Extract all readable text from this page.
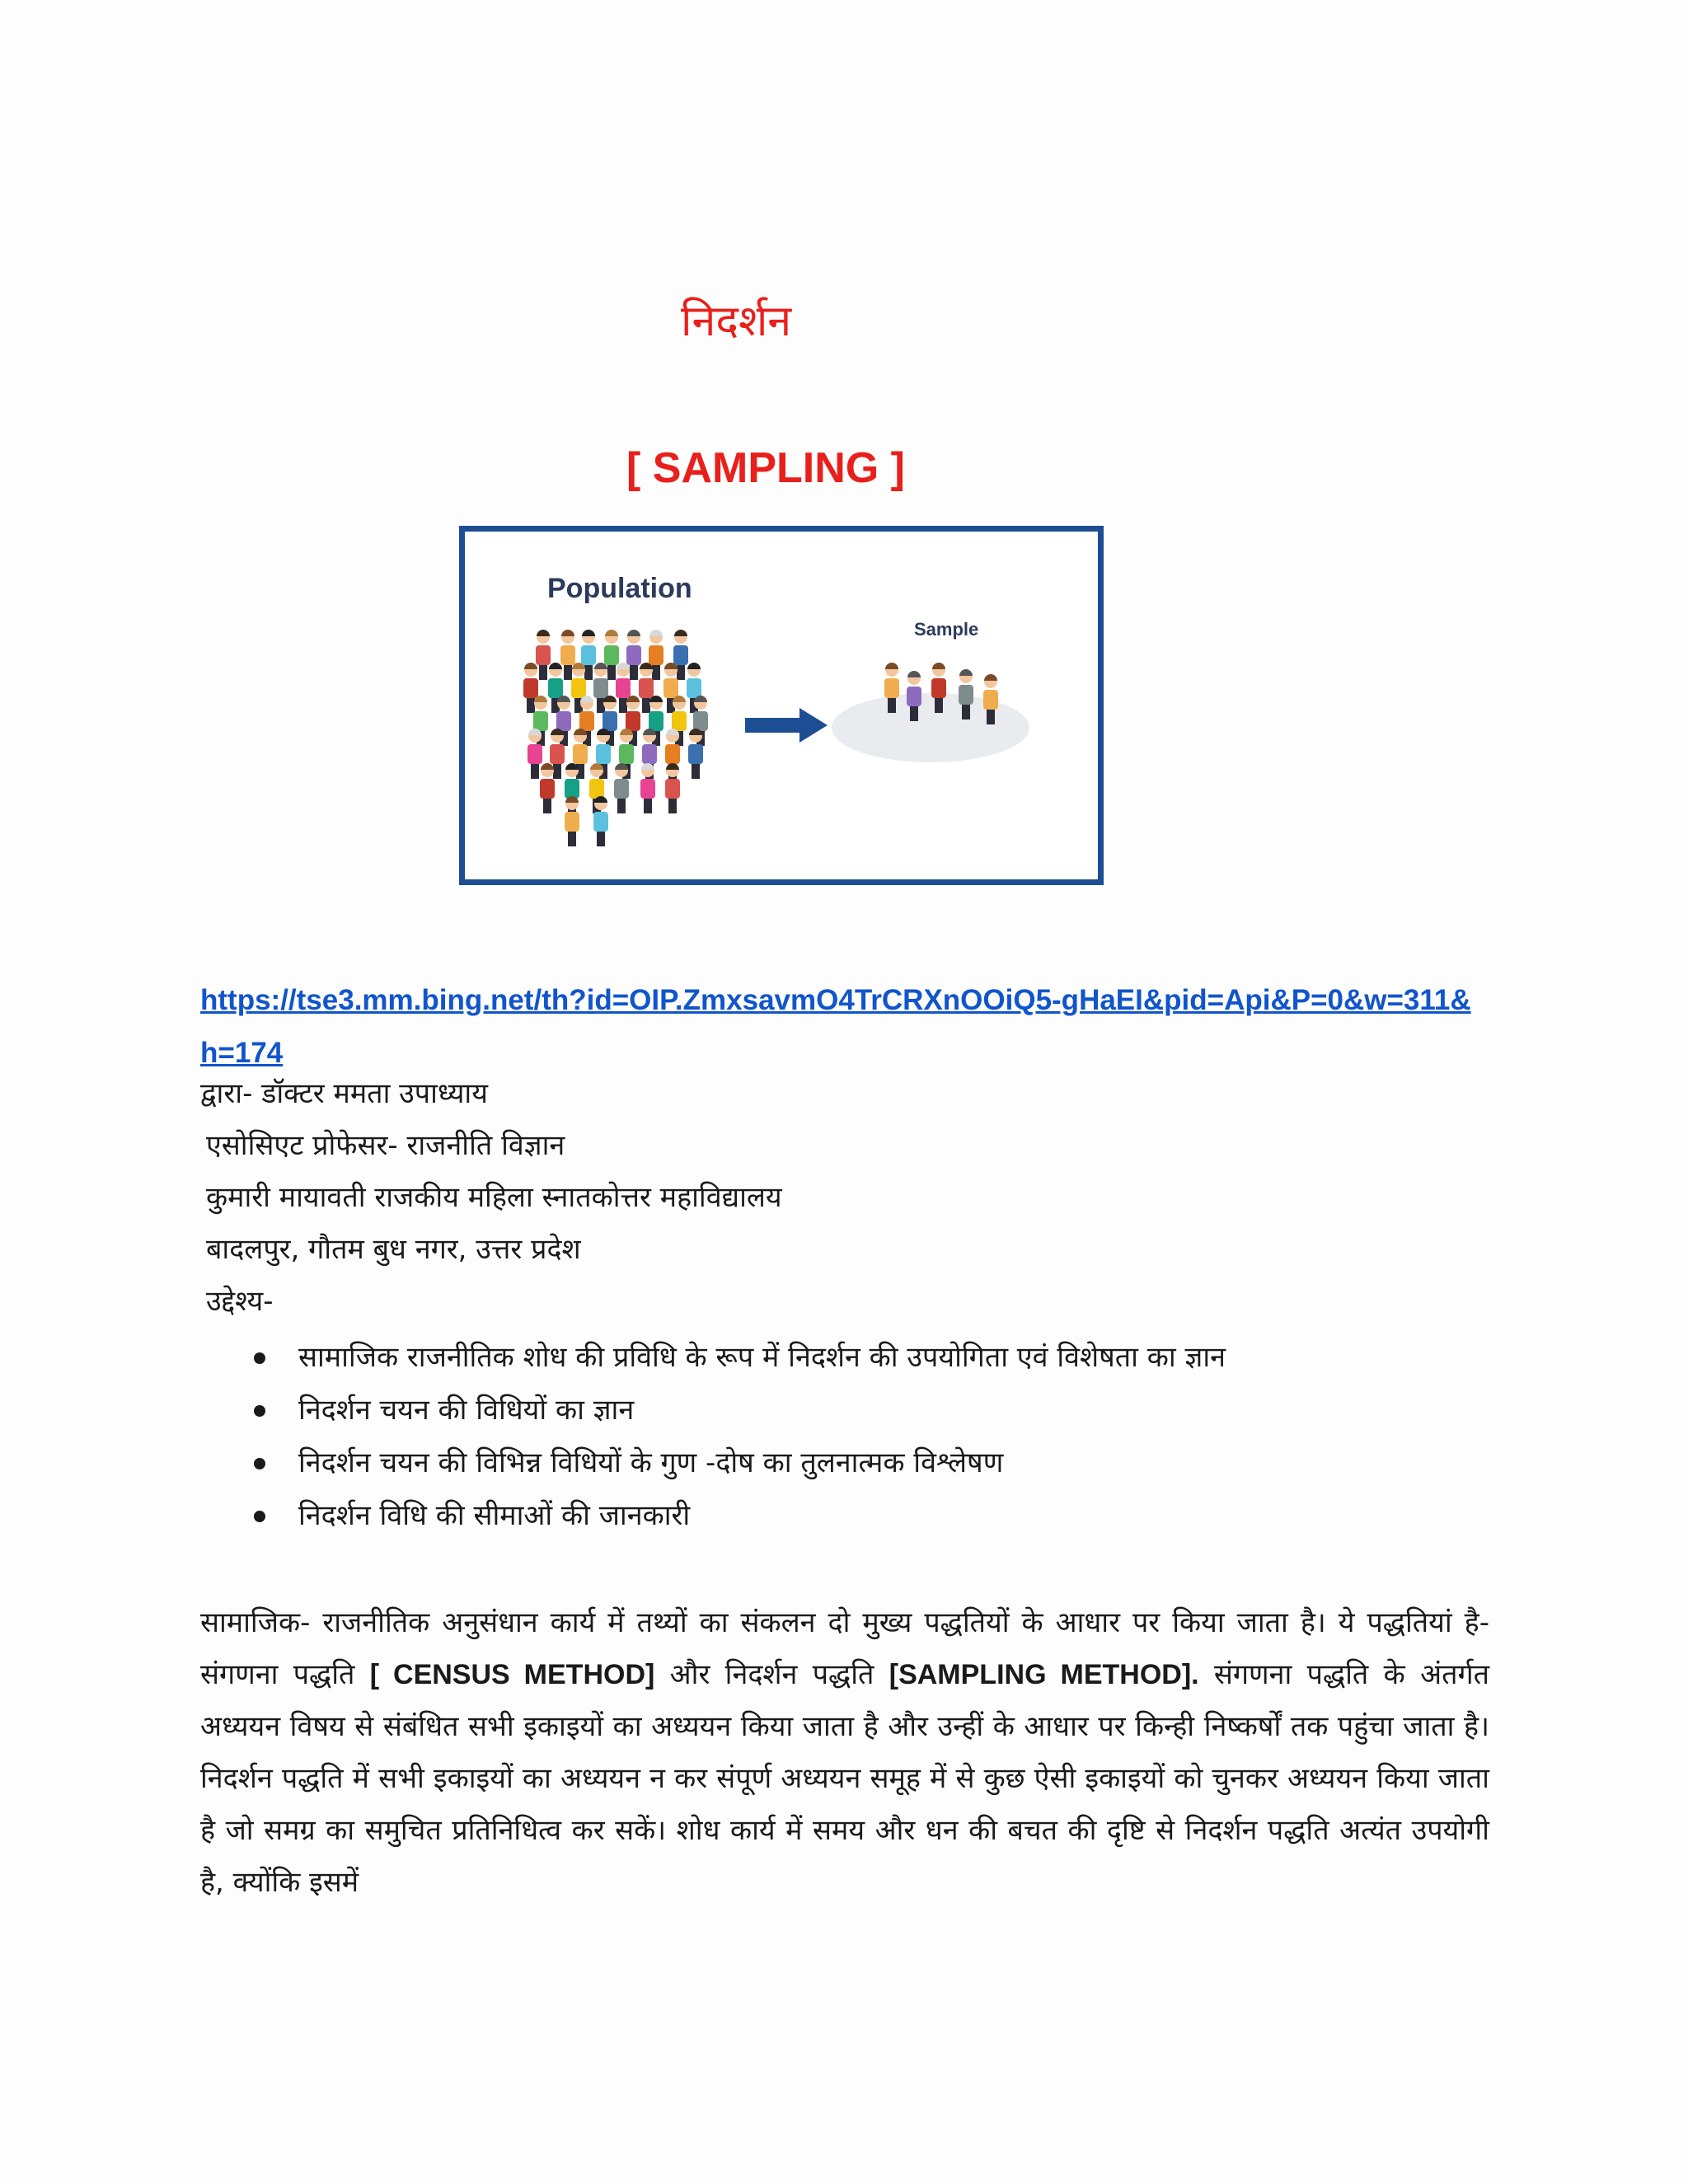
निदर्शन
[ SAMPLING ]
Population
Sample
https://tse3.mm.bing.net/th?id=OIP.ZmxsavmO4TrCRXnOOiQ5-gHaEI&pid=Api&P=0&w=311&h=174
द्वारा- डॉक्टर ममता उपाध्याय
एसोसिएट प्रोफेसर- राजनीति विज्ञान
कुमारी मायावती राजकीय महिला स्नातकोत्तर महाविद्यालय
बादलपुर, गौतम बुध नगर, उत्तर प्रदेश
उद्देश्य-
सामाजिक राजनीतिक शोध की प्रविधि के रूप में निदर्शन की उपयोगिता एवं विशेषता का ज्ञान
निदर्शन चयन की विधियों का ज्ञान
निदर्शन चयन की विभिन्न विधियों के गुण -दोष का तुलनात्मक विश्लेषण
निदर्शन विधि की सीमाओं की जानकारी

सामाजिक- राजनीतिक अनुसंधान कार्य में तथ्यों का संकलन दो मुख्य पद्धतियों के आधार पर किया जाता है। ये पद्धतियां है- संगणना पद्धति [ CENSUS METHOD] और निदर्शन पद्धति [SAMPLING METHOD]. संगणना पद्धति के अंतर्गत अध्ययन विषय से संबंधित सभी इकाइयों का अध्ययन किया जाता है और उन्हीं के आधार पर किन्ही निष्कर्षों तक पहुंचा जाता है। निदर्शन पद्धति में सभी इकाइयों का अध्ययन न कर संपूर्ण अध्ययन समूह में से कुछ ऐसी इकाइयों को चुनकर अध्ययन किया जाता है जो समग्र का समुचित प्रतिनिधित्व कर सकें। शोध कार्य में समय और धन की बचत की दृष्टि से निदर्शन पद्धति अत्यंत उपयोगी है, क्योंकि इसमें
